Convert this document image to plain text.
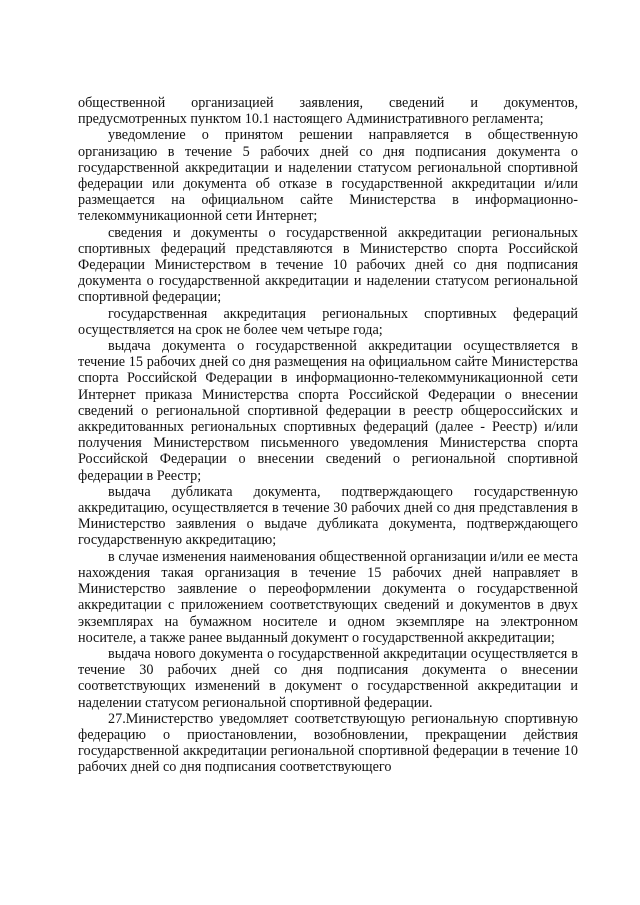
общественной организацией заявления, сведений и документов, предусмотренных пунктом 10.1 настоящего Административного регламента;

уведомление о принятом решении направляется в общественную организацию в течение 5 рабочих дней со дня подписания документа о государственной аккредитации и наделении статусом региональной спортивной федерации или документа об отказе в государственной аккредитации и/или размещается на официальном сайте Министерства в информационно-телекоммуникационной сети Интернет;

сведения и документы о государственной аккредитации региональных спортивных федераций представляются в Министерство спорта Российской Федерации Министерством в течение 10 рабочих дней со дня подписания документа о государственной аккредитации и наделении статусом региональной спортивной федерации;

государственная аккредитация региональных спортивных федераций осуществляется на срок не более чем четыре года;

выдача документа о государственной аккредитации осуществляется в течение 15 рабочих дней со дня размещения на официальном сайте Министерства спорта Российской Федерации в информационно-телекоммуникационной сети Интернет приказа Министерства спорта Российской Федерации о внесении сведений о региональной спортивной федерации в реестр общероссийских и аккредитованных региональных спортивных федераций (далее - Реестр) и/или получения Министерством письменного уведомления Министерства спорта Российской Федерации о внесении сведений о региональной спортивной федерации в Реестр;

выдача дубликата документа, подтверждающего государственную аккредитацию, осуществляется в течение 30 рабочих дней со дня представления в Министерство заявления о выдаче дубликата документа, подтверждающего государственную аккредитацию;

в случае изменения наименования общественной организации и/или ее места нахождения такая организация в течение 15 рабочих дней направляет в Министерство заявление о переоформлении документа о государственной аккредитации с приложением соответствующих сведений и документов в двух экземплярах на бумажном носителе и одном экземпляре на электронном носителе, а также ранее выданный документ о государственной аккредитации;

выдача нового документа о государственной аккредитации осуществляется в течение 30 рабочих дней со дня подписания документа о внесении соответствующих изменений в документ о государственной аккредитации и наделении статусом региональной спортивной федерации.

27.Министерство уведомляет соответствующую региональную спортивную федерацию о приостановлении, возобновлении, прекращении действия государственной аккредитации региональной спортивной федерации в течение 10 рабочих дней со дня подписания соответствующего
